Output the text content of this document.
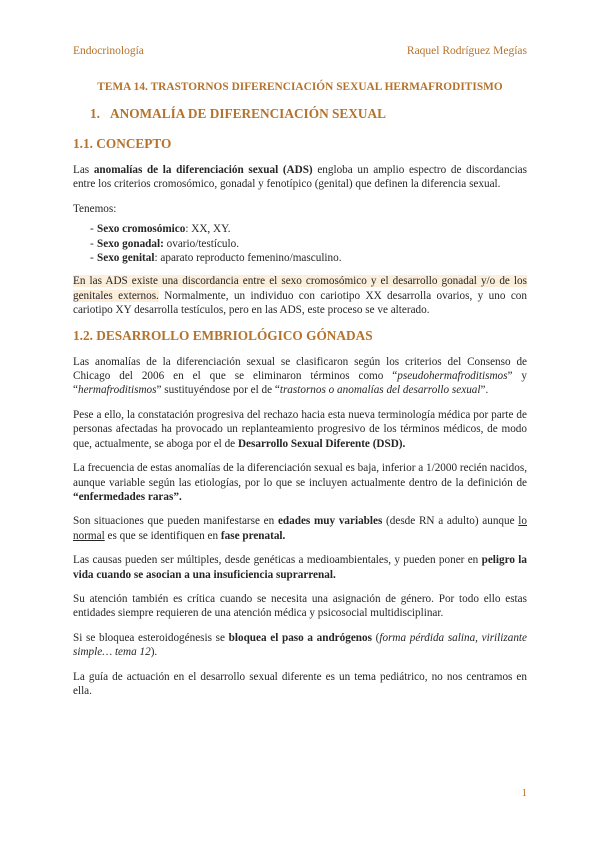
Endocrinología	Raquel Rodríguez Megías
TEMA 14. TRASTORNOS DIFERENCIACIÓN SEXUAL HERMAFRODITISMO
1. ANOMALÍA DE DIFERENCIACIÓN SEXUAL
1.1. CONCEPTO

Las anomalías de la diferenciación sexual (ADS) engloba un amplio espectro de discordancias entre los criterios cromosómico, gonadal y fenotípico (genital) que definen la diferencia sexual.

Tenemos:

- Sexo cromosómico: XX, XY.
- Sexo gonadal: ovario/testículo.
- Sexo genital: aparato reproducto femenino/masculino.

En las ADS existe una discordancia entre el sexo cromosómico y el desarrollo gonadal y/o de los genitales externos. Normalmente, un individuo con cariotipo XX desarrolla ovarios, y uno con cariotipo XY desarrolla testículos, pero en las ADS, este proceso se ve alterado.

1.2. DESARROLLO EMBRIOLÓGICO GÓNADAS

Las anomalías de la diferenciación sexual se clasificaron según los criterios del Consenso de Chicago del 2006 en el que se eliminaron términos como “pseudohermafroditismos” y “hermafroditismos” sustituyéndose por el de “trastornos o anomalías del desarrollo sexual”.

Pese a ello, la constatación progresiva del rechazo hacia esta nueva terminología médica por parte de personas afectadas ha provocado un replanteamiento progresivo de los términos médicos, de modo que, actualmente, se aboga por el de Desarrollo Sexual Diferente (DSD).

La frecuencia de estas anomalías de la diferenciación sexual es baja, inferior a 1/2000 recién nacidos, aunque variable según las etiologías, por lo que se incluyen actualmente dentro de la definición de “enfermedades raras”.

Son situaciones que pueden manifestarse en edades muy variables (desde RN a adulto) aunque lo normal es que se identifiquen en fase prenatal.

Las causas pueden ser múltiples, desde genéticas a medioambientales, y pueden poner en peligro la vida cuando se asocian a una insuficiencia suprarrenal.

Su atención también es crítica cuando se necesita una asignación de género. Por todo ello estas entidades siempre requieren de una atención médica y psicosocial multidisciplinar.

Si se bloquea esteroidogénesis se bloquea el paso a andrógenos (forma pérdida salina, virilizante simple… tema 12).

La guía de actuación en el desarrollo sexual diferente es un tema pediátrico, no nos centramos en ella.

1
